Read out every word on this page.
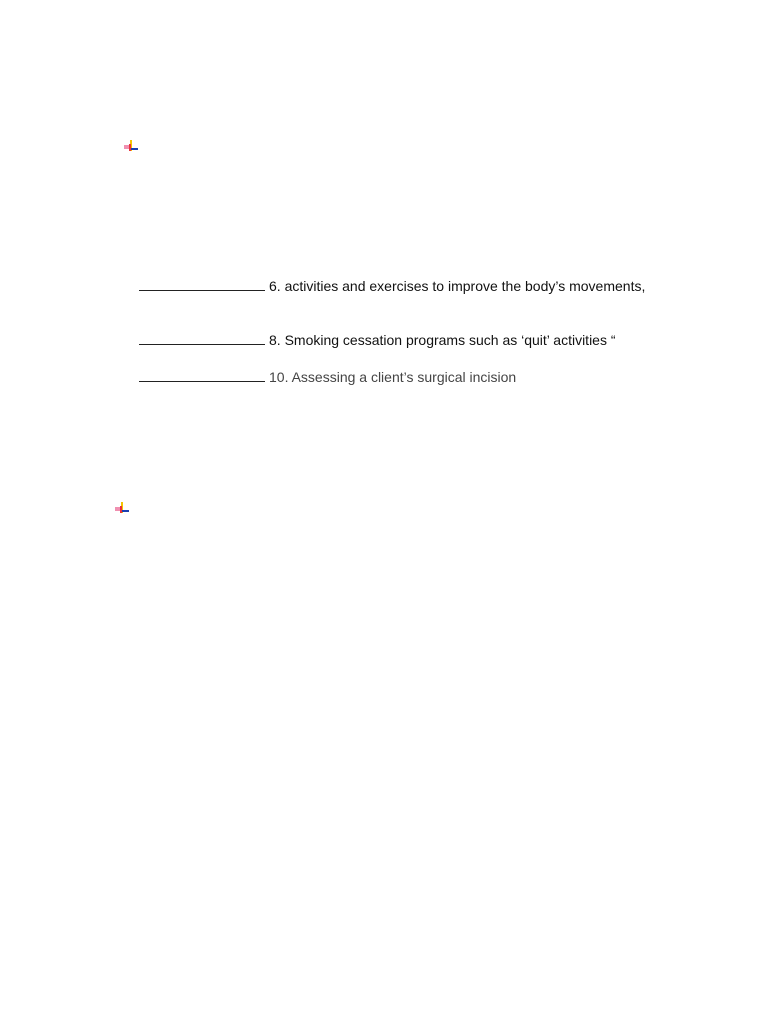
6. activities and exercises to improve the body’s movements,
8. Smoking cessation programs such as ‘quit’ activities “
10. Assessing a client’s surgical incision
